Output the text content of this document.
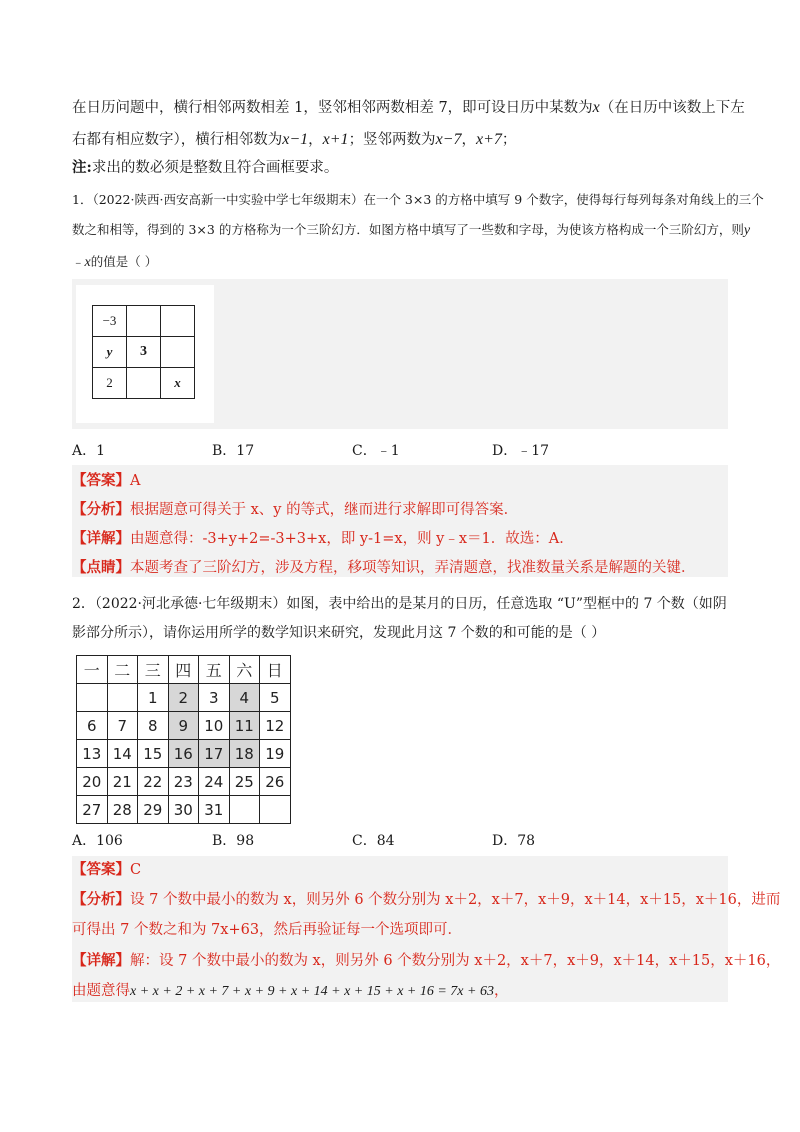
在日历问题中，横行相邻两数相差 1，竖邻相邻两数相差 7，即可设日历中某数为x（在日历中该数上下左
右都有相应数字），横行相邻数为x−1，x+1；竖邻两数为x−7，x+7；
注:求出的数必须是整数且符合画框要求。
1．（2022·陕西·西安高新一中实验中学七年级期末）在一个 3×3 的方格中填写 9 个数字，使得每行每列每条对角线上的三个
数之和相等，得到的 3×3 的方格称为一个三阶幻方．如图方格中填写了一些数和字母，为使该方格构成一个三阶幻方，则y
﹣x的值是（ ）
−3		
y	3	
2		x
A．1	B．17	C．﹣1	D．﹣17
【答案】A
【分析】根据题意可得关于 x、y 的等式，继而进行求解即可得答案．
【详解】由题意得：-3+y+2=-3+3+x，即 y-1=x，则 y﹣x＝1．故选：A．
【点睛】本题考查了三阶幻方，涉及方程，移项等知识，弄清题意，找准数量关系是解题的关键．
2．（2022·河北承德·七年级期末）如图，表中给出的是某月的日历，任意选取 “U”型框中的 7 个数（如阴
影部分所示），请你运用所学的数学知识来研究，发现此月这 7 个数的和可能的是（ ）
一	二	三	四	五	六	日
		1	2	3	4	5
6	7	8	9	10	11	12
13	14	15	16	17	18	19
20	21	22	23	24	25	26
27	28	29	30	31		
A．106	B．98	C．84	D．78
【答案】C
【分析】设 7 个数中最小的数为 x，则另外 6 个数分别为 x＋2，x＋7，x＋9，x＋14，x＋15，x＋16，进而
可得出 7 个数之和为 7x+63，然后再验证每一个选项即可．
【详解】解：设 7 个数中最小的数为 x，则另外 6 个数分别为 x＋2，x＋7，x＋9，x＋14，x＋15，x＋16，
由题意得x + x + 2 + x + 7 + x + 9 + x + 14 + x + 15 + x + 16 = 7x + 63，
